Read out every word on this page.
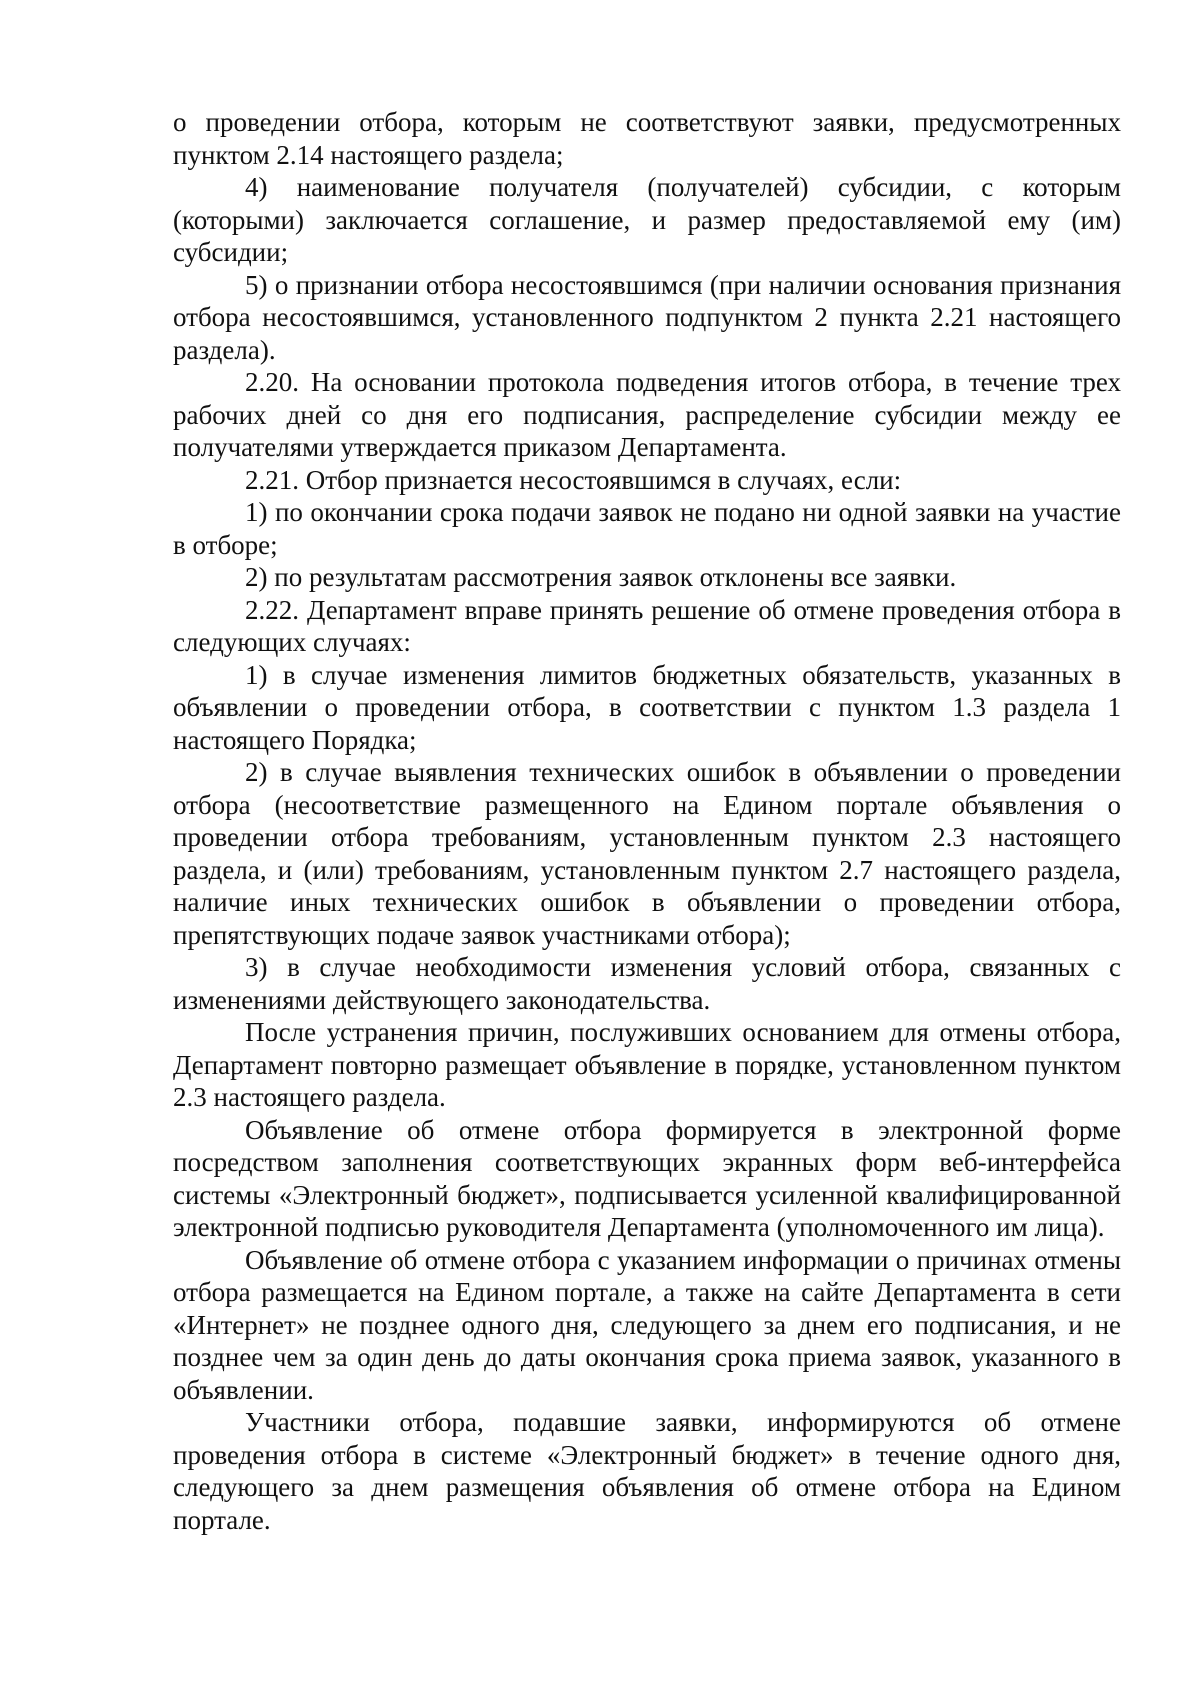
о проведении отбора, которым не соответствуют заявки, предусмотренных пунктом 2.14 настоящего раздела;

4) наименование получателя (получателей) субсидии, с которым (которыми) заключается соглашение, и размер предоставляемой ему (им) субсидии;

5) о признании отбора несостоявшимся (при наличии основания признания отбора несостоявшимся, установленного подпунктом 2 пункта 2.21 настоящего раздела).

2.20. На основании протокола подведения итогов отбора, в течение трех рабочих дней со дня его подписания, распределение субсидии между ее получателями утверждается приказом Департамента.

2.21. Отбор признается несостоявшимся в случаях, если:

1) по окончании срока подачи заявок не подано ни одной заявки на участие в отборе;

2) по результатам рассмотрения заявок отклонены все заявки.

2.22. Департамент вправе принять решение об отмене проведения отбора в следующих случаях:

1) в случае изменения лимитов бюджетных обязательств, указанных в объявлении о проведении отбора, в соответствии с пунктом 1.3 раздела 1 настоящего Порядка;

2) в случае выявления технических ошибок в объявлении о проведении отбора (несоответствие размещенного на Едином портале объявления о проведении отбора требованиям, установленным пунктом 2.3 настоящего раздела, и (или) требованиям, установленным пунктом 2.7 настоящего раздела, наличие иных технических ошибок в объявлении о проведении отбора, препятствующих подаче заявок участниками отбора);

3) в случае необходимости изменения условий отбора, связанных с изменениями действующего законодательства.

После устранения причин, послуживших основанием для отмены отбора, Департамент повторно размещает объявление в порядке, установленном пунктом 2.3 настоящего раздела.

Объявление об отмене отбора формируется в электронной форме посредством заполнения соответствующих экранных форм веб-интерфейса системы «Электронный бюджет», подписывается усиленной квалифицированной электронной подписью руководителя Департамента (уполномоченного им лица).

Объявление об отмене отбора с указанием информации о причинах отмены отбора размещается на Едином портале, а также на сайте Департамента в сети «Интернет» не позднее одного дня, следующего за днем его подписания, и не позднее чем за один день до даты окончания срока приема заявок, указанного в объявлении.

Участники отбора, подавшие заявки, информируются об отмене проведения отбора в системе «Электронный бюджет» в течение одного дня, следующего за днем размещения объявления об отмене отбора на Едином портале.
